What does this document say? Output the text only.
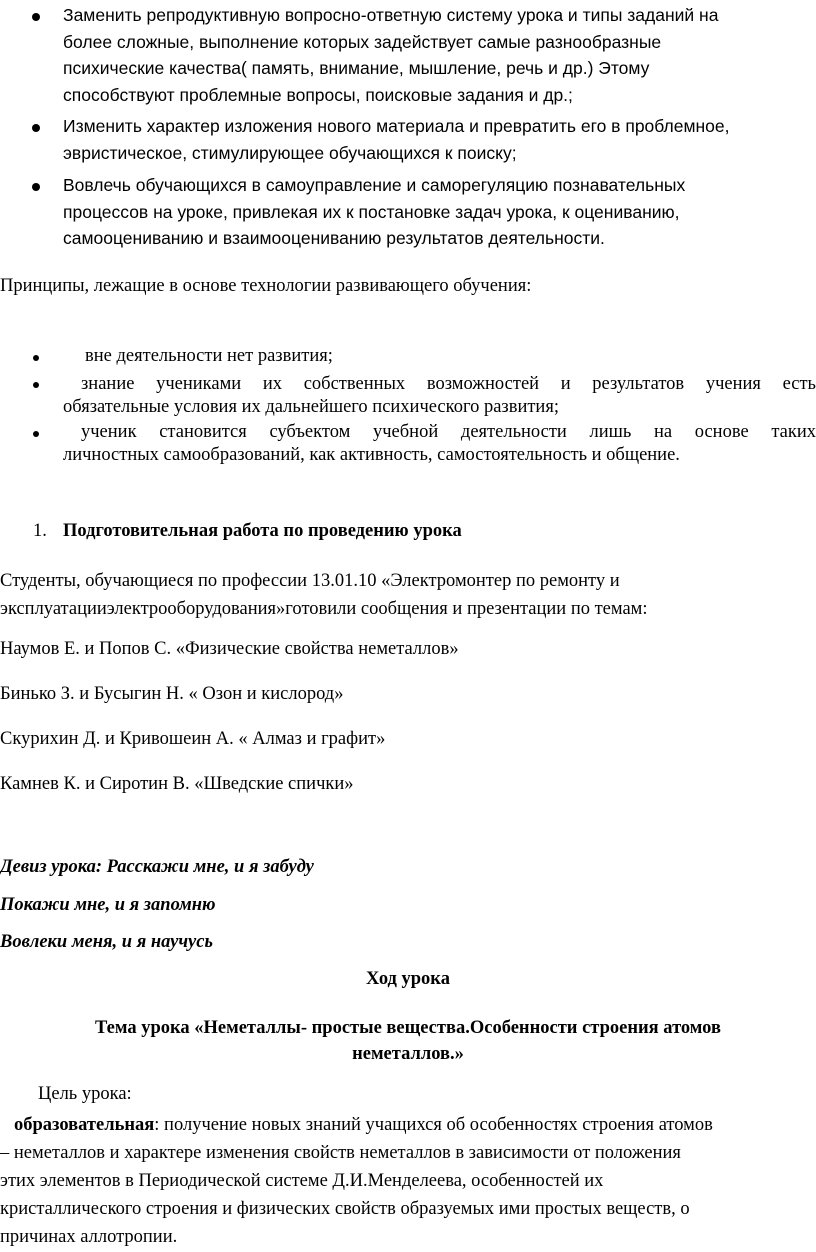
Заменить репродуктивную вопросно-ответную систему урока и типы заданий на
более сложные, выполнение которых задействует самые разнообразные
психические качества( память, внимание, мышление, речь и др.) Этому
способствуют проблемные вопросы, поисковые задания и др.;
Изменить характер изложения нового материала и превратить его в проблемное,
эвристическое, стимулирующее обучающихся к поиску;
Вовлечь обучающихся в самоуправление и саморегуляцию познавательных
процессов на уроке, привлекая их к постановке задач урока, к оцениванию,
самооцениванию и взаимооцениванию результатов деятельности.
Принципы, лежащие в основе технологии развивающего обучения:
вне деятельности нет развития;
знание учениками их собственных возможностей и результатов учения есть
обязательные условия их дальнейшего психического развития;
ученик становится субъектом учебной деятельности лишь на основе таких
личностных самообразований, как активность, самостоятельность и общение.
1. Подготовительная работа по проведению урока
Студенты, обучающиеся по профессии 13.01.10 «Электромонтер по ремонту и
эксплуатацииэлектрооборудования»готовили сообщения и презентации по темам:
Наумов Е. и Попов С. «Физические свойства неметаллов»
Бинько З. и Бусыгин Н. « Озон и кислород»
Скурихин Д. и Кривошеин А. « Алмаз и графит»
Камнев К. и Сиротин В. «Шведские спички»
Девиз урока: Расскажи мне, и я забуду
Покажи мне, и я запомню
Вовлеки меня, и я научусь
Ход урока
Тема урока «Неметаллы- простые вещества.Особенности строения атомов
неметаллов.»
Цель урока:
образовательная: получение новых знаний учащихся об особенностях строения атомов
– неметаллов и характере изменения свойств неметаллов в зависимости от положения
этих элементов в Периодической системе Д.И.Менделеева, особенностей их
кристаллического строения и физических свойств образуемых ими простых веществ, о
причинах аллотропии.
